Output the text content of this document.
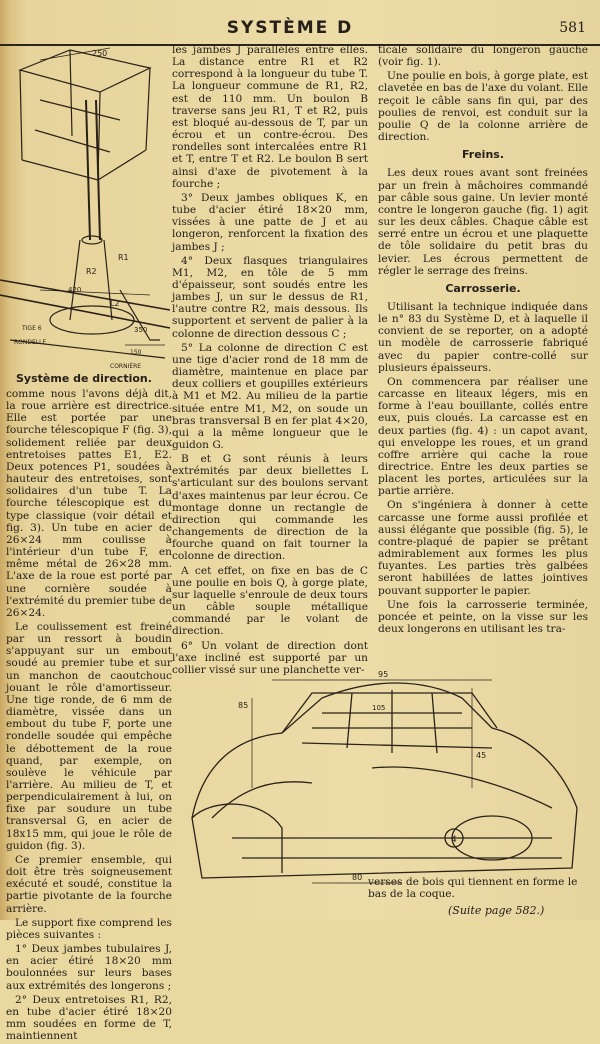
SYSTÈME D	581
250
L2
420
R2
350
TIGE 6
RONDELLE
CORNIÈRE
150
R1
Système de direction.

comme nous l'avons déjà dit, la roue arrière est directrice. Elle est portée par une fourche télescopique F (fig. 3), solidement reliée par deux entretoises pattes E1, E2. Deux potences P1, soudées à hauteur des entretoises, sont solidaires d'un tube T. La fourche télescopique est du type classique (voir détail et fig. 3). Un tube en acier de 26×24 mm coulisse à l'intérieur d'un tube F, en même métal de 26×28 mm. L'axe de la roue est porté par une cornière soudée à l'extrémité du premier tube de 26×24.

Le coulissement est freiné par un ressort à boudin s'appuyant sur un embout soudé au premier tube et sur un manchon de caoutchouc jouant le rôle d'amortisseur. Une tige ronde, de 6 mm de diamètre, vissée dans un embout du tube F, porte une rondelle soudée qui empêche le débottement de la roue quand, par exemple, on soulève le véhicule par l'arrière. Au milieu de T, et perpendiculairement à lui, on fixe par soudure un tube transversal G, en acier de 18x15 mm, qui joue le rôle de guidon (fig. 3).

Ce premier ensemble, qui doit être très soigneusement exécuté et soudé, constitue la partie pivotante de la fourche arrière.

Le support fixe comprend les pièces suivantes :

1° Deux jambes tubulaires J, en acier étiré 18×20 mm boulonnées sur leurs bases aux extrémités des longerons ;

2° Deux entretoises R1, R2, en tube d'acier étiré 18×20 mm soudées en forme de T, maintiennent

les jambes J parallèles entre elles. La distance entre R1 et R2 correspond à la longueur du tube T. La longueur commune de R1, R2, est de 110 mm. Un boulon B traverse sans jeu R1, T et R2, puis est bloqué au-dessous de T, par un écrou et un contre-écrou. Des rondelles sont intercalées entre R1 et T, entre T et R2. Le boulon B sert ainsi d'axe de pivotement à la fourche ;

3° Deux jambes obliques K, en tube d'acier étiré 18×20 mm, vissées à une patte de J et au longeron, renforcent la fixation des jambes J ;

4° Deux flasques triangulaires M1, M2, en tôle de 5 mm d'épaisseur, sont soudés entre les jambes J, un sur le dessus de R1, l'autre contre R2, mais dessous. Ils supportent et servent de palier à la colonne de direction dessous C ;

5° La colonne de direction C est une tige d'acier rond de 18 mm de diamètre, maintenue en place par deux colliers et goupilles extérieurs à M1 et M2. Au milieu de la partie située entre M1, M2, on soude un bras transversal B en fer plat 4×20, qui a la même longueur que le guidon G.

B et G sont réunis à leurs extrémités par deux biellettes L s'articulant sur des boulons servant d'axes maintenus par leur écrou. Ce montage donne un rectangle de direction qui commande les changements de direction de la fourche quand on fait tourner la colonne de direction.

A cet effet, on fixe en bas de C une poulie en bois Q, à gorge plate, sur laquelle s'enroule de deux tours un câble souple métallique commandé par le volant de direction.

6° Un volant de direction dont l'axe incliné est supporté par un collier vissé sur une planchette ver-

ticale solidaire du longeron gauche (voir fig. 1).

Une poulie en bois, à gorge plate, est clavetée en bas de l'axe du volant. Elle reçoit le câble sans fin qui, par des poulies de renvoi, est conduit sur la poulie Q de la colonne arrière de direction.

Freins.

Les deux roues avant sont freinées par un frein à mâchoires commandé par câble sous gaine. Un levier monté contre le longeron gauche (fig. 1) agit sur les deux câbles. Chaque câble est serré entre un écrou et une plaquette de tôle solidaire du petit bras du levier. Les écrous permettent de régler le serrage des freins.

Carrosserie.

Utilisant la technique indiquée dans le n° 83 du Système D, et à laquelle il convient de se reporter, on a adopté un modèle de carrosserie fabriqué avec du papier contre-collé sur plusieurs épaisseurs.

On commencera par réaliser une carcasse en liteaux légers, mis en forme à l'eau bouillante, collés entre eux, puis cloués. La carcasse est en deux parties (fig. 4) : un capot avant, qui enveloppe les roues, et un grand coffre arrière qui cache la roue directrice. Entre les deux parties se placent les portes, articulées sur la partie arrière.

On s'ingéniera à donner à cette carcasse une forme aussi profilée et aussi élégante que possible (fig. 5), le contre-plaqué de papier se prêtant admirablement aux formes les plus fuyantes. Les parties très galbées seront habillées de lattes jointives pouvant supporter le papier.

Une fois la carrosserie terminée, poncée et peinte, on la visse sur les deux longerons en utilisant les tra-

95
105
85
45
4
80 verses de bois qui tiennent en forme le bas de la coque.
(Suite page 582.)
